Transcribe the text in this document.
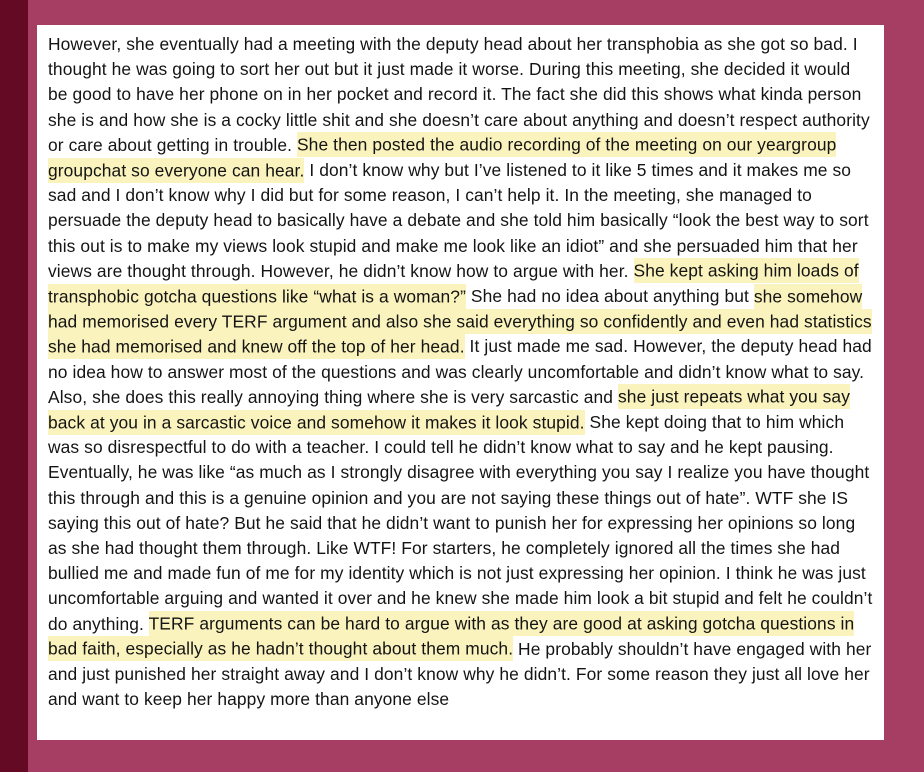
However, she eventually had a meeting with the deputy head about her transphobia as she got so bad. I thought he was going to sort her out but it just made it worse. During this meeting, she decided it would be good to have her phone on in her pocket and record it. The fact she did this shows what kinda person she is and how she is a cocky little shit and she doesn’t care about anything and doesn’t respect authority or care about getting in trouble. She then posted the audio recording of the meeting on our yeargroup groupchat so everyone can hear. I don’t know why but I’ve listened to it like 5 times and it makes me so sad and I don’t know why I did but for some reason, I can’t help it. In the meeting, she managed to persuade the deputy head to basically have a debate and she told him basically “look the best way to sort this out is to make my views look stupid and make me look like an idiot” and she persuaded him that her views are thought through. However, he didn’t know how to argue with her. She kept asking him loads of transphobic gotcha questions like “what is a woman?” She had no idea about anything but she somehow had memorised every TERF argument and also she said everything so confidently and even had statistics she had memorised and knew off the top of her head. It just made me sad. However, the deputy head had no idea how to answer most of the questions and was clearly uncomfortable and didn’t know what to say. Also, she does this really annoying thing where she is very sarcastic and she just repeats what you say back at you in a sarcastic voice and somehow it makes it look stupid. She kept doing that to him which was so disrespectful to do with a teacher. I could tell he didn’t know what to say and he kept pausing. Eventually, he was like “as much as I strongly disagree with everything you say I realize you have thought this through and this is a genuine opinion and you are not saying these things out of hate”. WTF she IS saying this out of hate? But he said that he didn’t want to punish her for expressing her opinions so long as she had thought them through. Like WTF! For starters, he completely ignored all the times she had bullied me and made fun of me for my identity which is not just expressing her opinion. I think he was just uncomfortable arguing and wanted it over and he knew she made him look a bit stupid and felt he couldn’t do anything. TERF arguments can be hard to argue with as they are good at asking gotcha questions in bad faith, especially as he hadn’t thought about them much. He probably shouldn’t have engaged with her and just punished her straight away and I don’t know why he didn’t. For some reason they just all love her and want to keep her happy more than anyone else
